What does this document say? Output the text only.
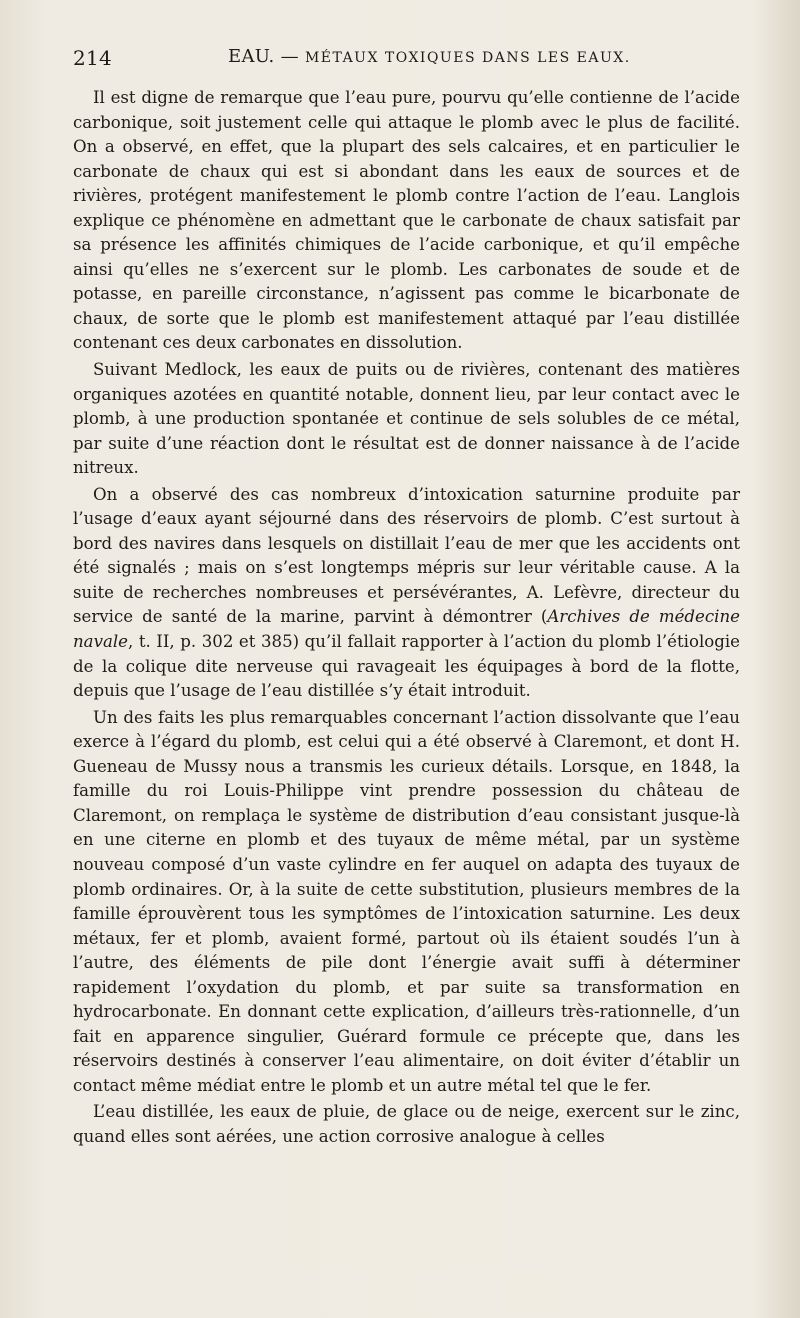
214	EAU. — MÉTAUX TOXIQUES DANS LES EAUX.

Il est digne de remarque que l’eau pure, pourvu qu’elle contienne de l’acide carbonique, soit justement celle qui attaque le plomb avec le plus de facilité. On a observé, en effet, que la plupart des sels calcaires, et en particulier le carbonate de chaux qui est si abondant dans les eaux de sources et de rivières, protégent manifestement le plomb contre l’action de l’eau. Langlois explique ce phénomène en admettant que le carbonate de chaux satisfait par sa présence les affinités chimiques de l’acide carbonique, et qu’il empêche ainsi qu’elles ne s’exercent sur le plomb. Les carbonates de soude et de potasse, en pareille circonstance, n’agissent pas comme le bicarbonate de chaux, de sorte que le plomb est manifestement attaqué par l’eau distillée contenant ces deux carbonates en dissolution.

Suivant Medlock, les eaux de puits ou de rivières, contenant des matières organiques azotées en quantité notable, donnent lieu, par leur contact avec le plomb, à une production spontanée et continue de sels solubles de ce métal, par suite d’une réaction dont le résultat est de donner naissance à de l’acide nitreux.

On a observé des cas nombreux d’intoxication saturnine produite par l’usage d’eaux ayant séjourné dans des réservoirs de plomb. C’est surtout à bord des navires dans lesquels on distillait l’eau de mer que les accidents ont été signalés ; mais on s’est longtemps mépris sur leur véritable cause. A la suite de recherches nombreuses et persévérantes, A. Lefèvre, directeur du service de santé de la marine, parvint à démontrer (Archives de médecine navale, t. II, p. 302 et 385) qu’il fallait rapporter à l’action du plomb l’étiologie de la colique dite nerveuse qui ravageait les équipages à bord de la flotte, depuis que l’usage de l’eau distillée s’y était introduit.

Un des faits les plus remarquables concernant l’action dissolvante que l’eau exerce à l’égard du plomb, est celui qui a été observé à Claremont, et dont H. Gueneau de Mussy nous a transmis les curieux détails. Lorsque, en 1848, la famille du roi Louis-Philippe vint prendre possession du château de Claremont, on remplaça le système de distribution d’eau consistant jusque-là en une citerne en plomb et des tuyaux de même métal, par un système nouveau composé d’un vaste cylindre en fer auquel on adapta des tuyaux de plomb ordinaires. Or, à la suite de cette substitution, plusieurs membres de la famille éprouvèrent tous les symptômes de l’intoxication saturnine. Les deux métaux, fer et plomb, avaient formé, partout où ils étaient soudés l’un à l’autre, des éléments de pile dont l’énergie avait suffi à déterminer rapidement l’oxydation du plomb, et par suite sa transformation en hydrocarbonate. En donnant cette explication, d’ailleurs très-rationnelle, d’un fait en apparence singulier, Guérard formule ce précepte que, dans les réservoirs destinés à conserver l’eau alimentaire, on doit éviter d’établir un contact même médiat entre le plomb et un autre métal tel que le fer.

L’eau distillée, les eaux de pluie, de glace ou de neige, exercent sur le zinc, quand elles sont aérées, une action corrosive analogue à celles
